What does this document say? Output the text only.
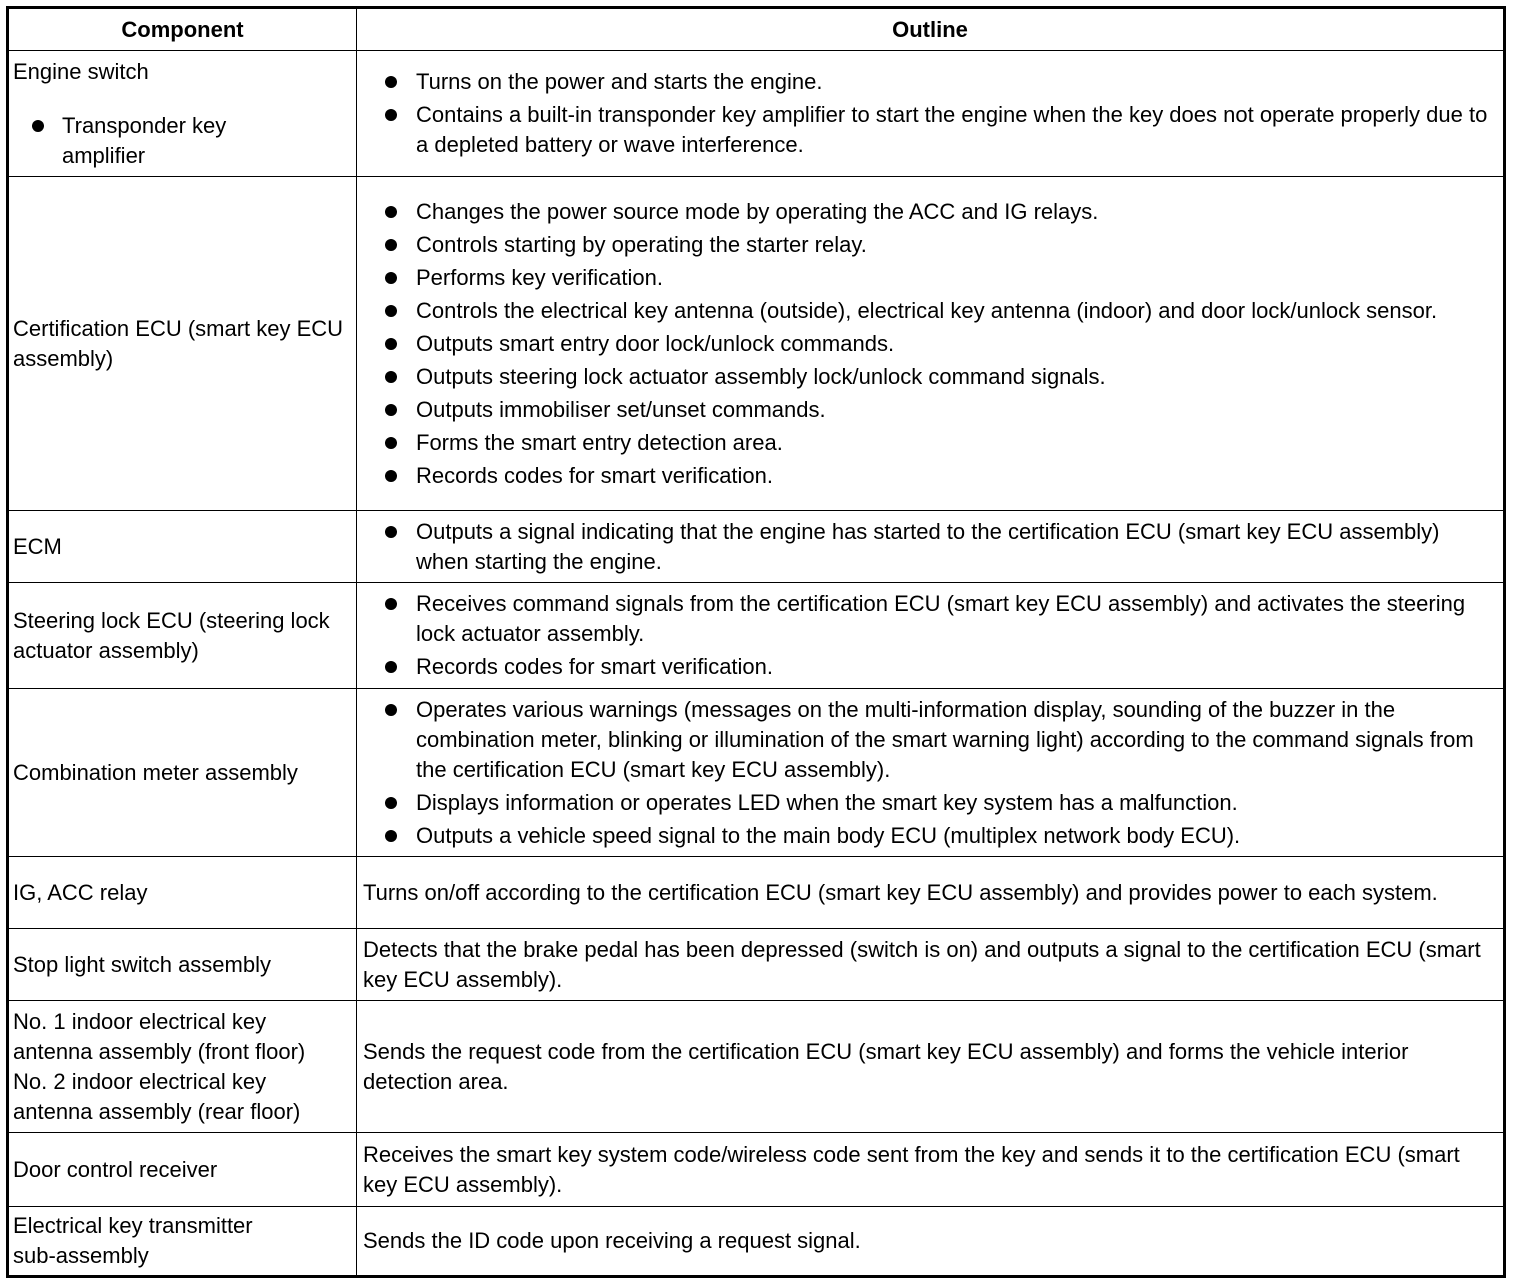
Component	Outline
Engine switch
Transponder key amplifier
Turns on the power and starts the engine.
Contains a built-in transponder key amplifier to start the engine when the key does not operate properly due to a depleted battery or wave interference.
Certification ECU (smart key ECU assembly)
Changes the power source mode by operating the ACC and IG relays.
Controls starting by operating the starter relay.
Performs key verification.
Controls the electrical key antenna (outside), electrical key antenna (indoor) and door lock/unlock sensor.
Outputs smart entry door lock/unlock commands.
Outputs steering lock actuator assembly lock/unlock command signals.
Outputs immobiliser set/unset commands.
Forms the smart entry detection area.
Records codes for smart verification.
ECM
Outputs a signal indicating that the engine has started to the certification ECU (smart key ECU assembly) when starting the engine.
Steering lock ECU (steering lock actuator assembly)
Receives command signals from the certification ECU (smart key ECU assembly) and activates the steering lock actuator assembly.
Records codes for smart verification.
Combination meter assembly
Operates various warnings (messages on the multi-information display, sounding of the buzzer in the combination meter, blinking or illumination of the smart warning light) according to the command signals from the certification ECU (smart key ECU assembly).
Displays information or operates LED when the smart key system has a malfunction.
Outputs a vehicle speed signal to the main body ECU (multiplex network body ECU).
IG, ACC relay	Turns on/off according to the certification ECU (smart key ECU assembly) and provides power to each system.
Stop light switch assembly
Detects that the brake pedal has been depressed (switch is on) and outputs a signal to the certification ECU (smart key ECU assembly).
No. 1 indoor electrical key
antenna assembly (front floor)
No. 2 indoor electrical key
antenna assembly (rear floor)
Sends the request code from the certification ECU (smart key ECU assembly) and forms the vehicle interior detection area.
Door control receiver
Receives the smart key system code/wireless code sent from the key and sends it to the certification ECU (smart key ECU assembly).
Electrical key transmitter sub-assembly
Sends the ID code upon receiving a request signal.
